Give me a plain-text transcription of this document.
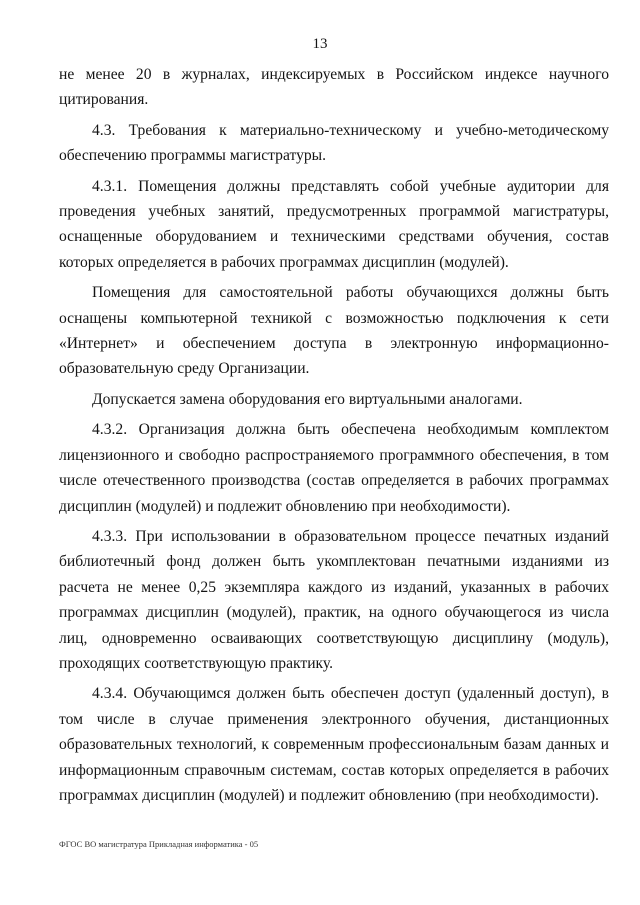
13

не менее 20 в журналах, индексируемых в Российском индексе научного цитирования.

4.3. Требования к материально-техническому и учебно-методическому обеспечению программы магистратуры.

4.3.1. Помещения должны представлять собой учебные аудитории для проведения учебных занятий, предусмотренных программой магистратуры, оснащенные оборудованием и техническими средствами обучения, состав которых определяется в рабочих программах дисциплин (модулей).

Помещения для самостоятельной работы обучающихся должны быть оснащены компьютерной техникой с возможностью подключения к сети «Интернет» и обеспечением доступа в электронную информационно-образовательную среду Организации.

Допускается замена оборудования его виртуальными аналогами.

4.3.2. Организация должна быть обеспечена необходимым комплектом лицензионного и свободно распространяемого программного обеспечения, в том числе отечественного производства (состав определяется в рабочих программах дисциплин (модулей) и подлежит обновлению при необходимости).

4.3.3. При использовании в образовательном процессе печатных изданий библиотечный фонд должен быть укомплектован печатными изданиями из расчета не менее 0,25 экземпляра каждого из изданий, указанных в рабочих программах дисциплин (модулей), практик, на одного обучающегося из числа лиц, одновременно осваивающих соответствующую дисциплину (модуль), проходящих соответствующую практику.

4.3.4. Обучающимся должен быть обеспечен доступ (удаленный доступ), в том числе в случае применения электронного обучения, дистанционных образовательных технологий, к современным профессиональным базам данных и информационным справочным системам, состав которых определяется в рабочих программах дисциплин (модулей) и подлежит обновлению (при необходимости).

ФГОС ВО магистратура Прикладная информатика - 05
